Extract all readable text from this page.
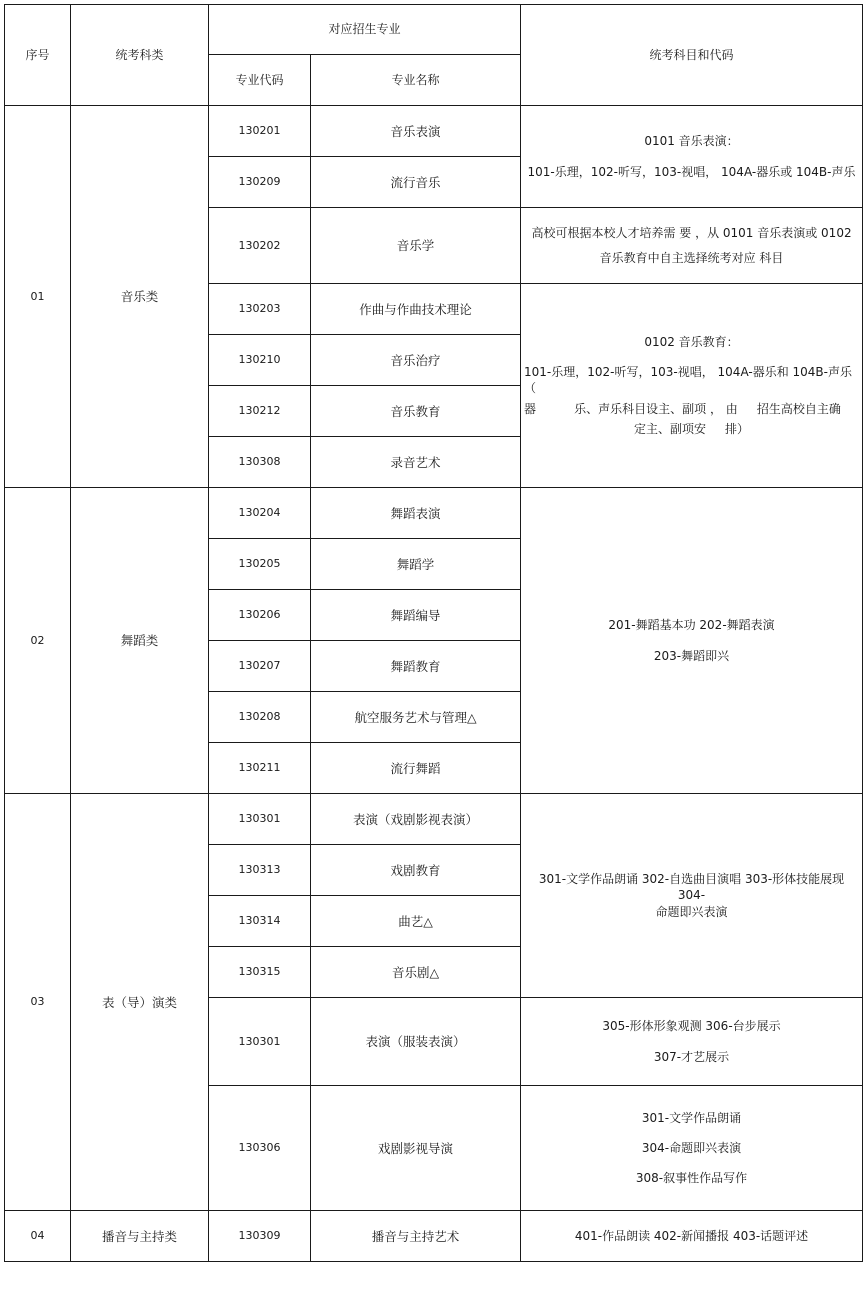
序号	统考科类	对应招生专业		统考科目和代码
		专业代码	专业名称	
01	音乐类	130201	音乐表演	0101 音乐表演：
101-乐理，102-听写，103-视唱， 104A-器乐或 104B-声乐

		130209	流行音乐	
		130202	音乐学	高校可根据本校人才培养需 要 ，从 0101 音乐表演或 0102
音乐教育中自主选择统考对应 科目

		130203	作曲与作曲技术理论	0102 音乐教育：
101-乐理，102-听写，103-视唱， 104A-器乐和 104B-声乐（
器          乐、声乐科目设主、副项 ， 由     招生高校自主确
定主、副项安     排）

		130210	音乐治疗	
		130212	音乐教育	
		130308	录音艺术	
02	舞蹈类	130204	舞蹈表演	201-舞蹈基本功 202-舞蹈表演
203-舞蹈即兴

		130205	舞蹈学	
		130206	舞蹈编导	
		130207	舞蹈教育	
		130208	航空服务艺术与管理△	
		130211	流行舞蹈	
03	表（导）演类	130301	表演（戏剧影视表演）	301-文学作品朗诵 302-自选曲目演唱 303-形体技能展现 304-
命题即兴表演

		130313	戏剧教育	
		130314	曲艺△	
		130315	音乐剧△	
		130301	表演（服装表演）	305-形体形象观测 306-台步展示
307-才艺展示

		130306	戏剧影视导演	301-文学作品朗诵
304-命题即兴表演
308-叙事性作品写作

04	播音与主持类	130309	播音与主持艺术	401-作品朗读 402-新闻播报 403-话题评述
